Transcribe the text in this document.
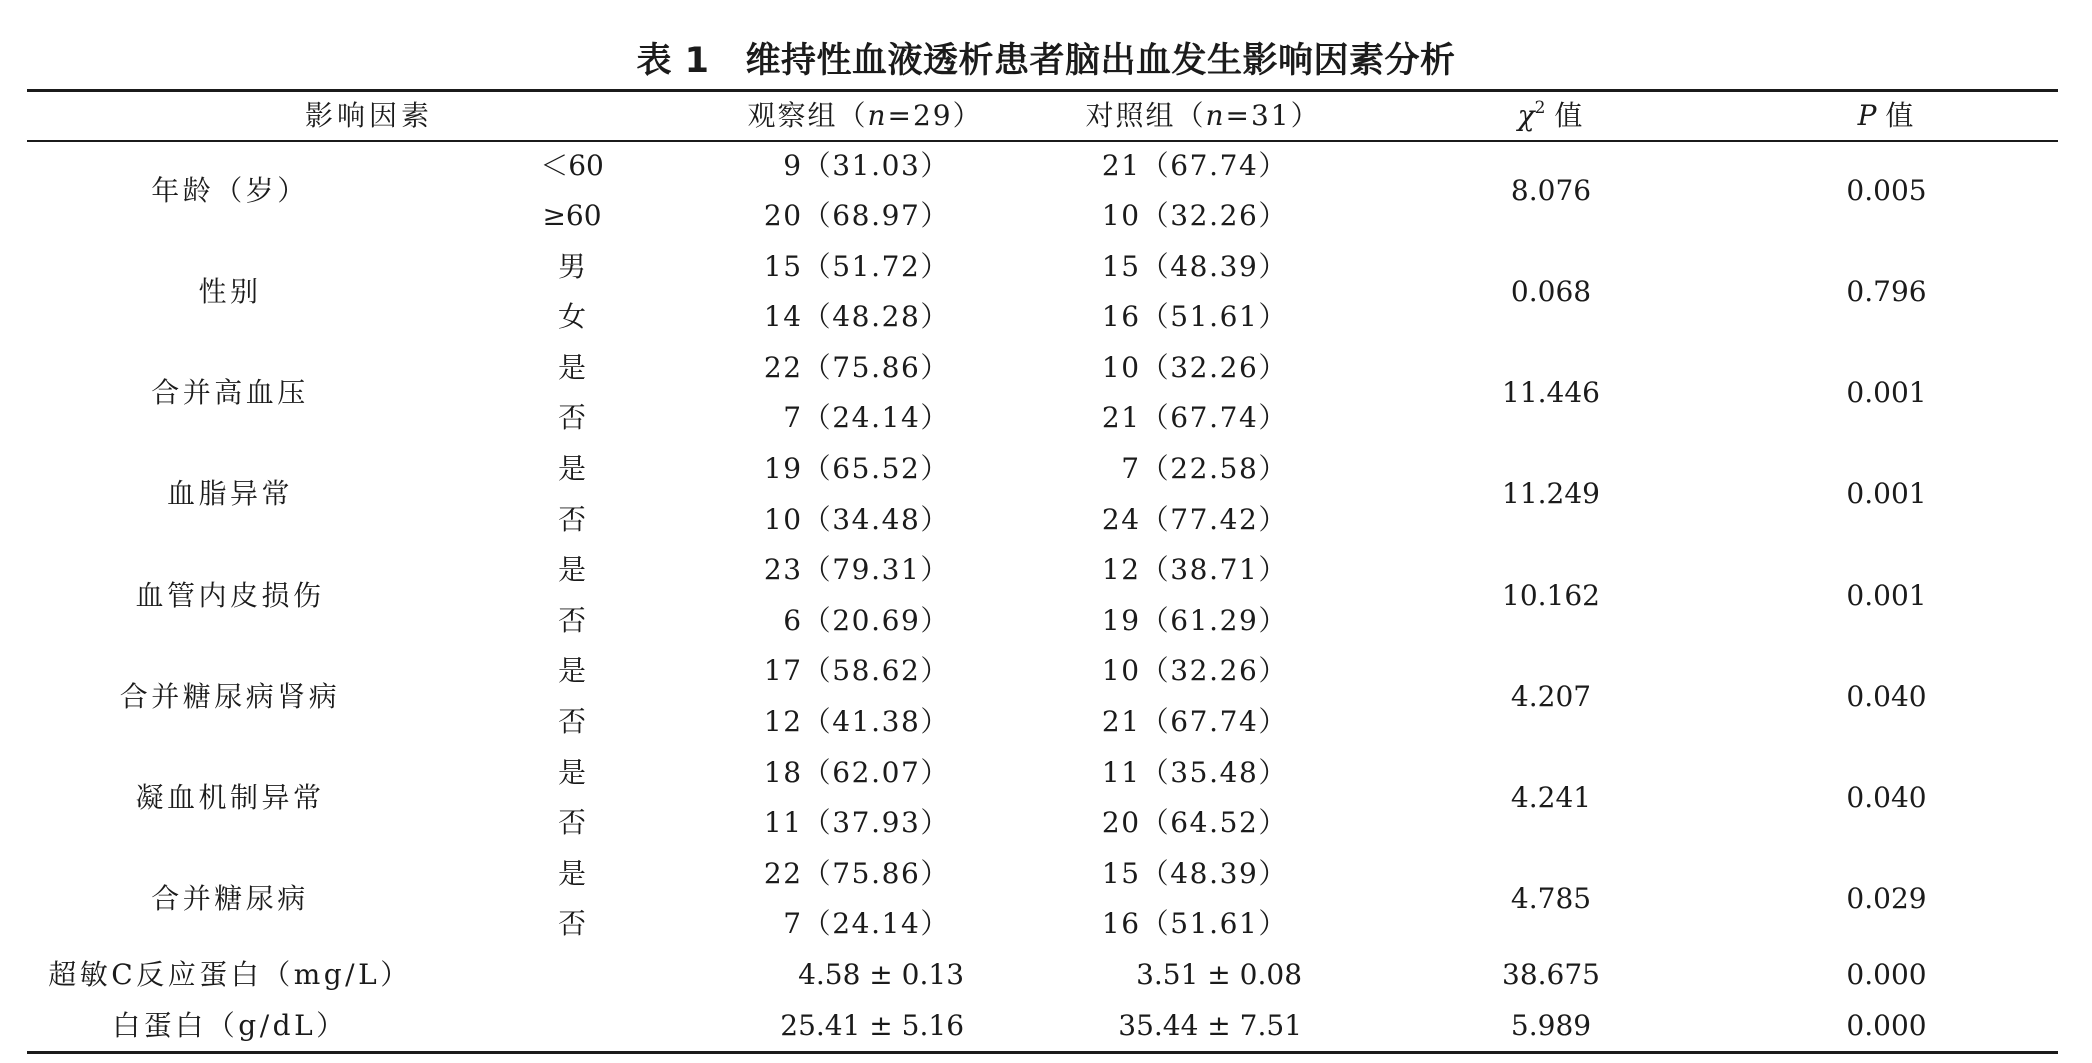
表 1 维持性血液透析患者脑出血发生影响因素分析
影响因素		观察组（n=29）	对照组（n=31）	$\chi^2$ 值	P 值
年龄（岁）	＜60	9（31.03）	21（67.74）	8.076	0.005
	≥60	20（68.97）	10（32.26）		
性别	男	15（51.72）	15（48.39）	0.068	0.796
	女	14（48.28）	16（51.61）		
合并高血压	是	22（75.86）	10（32.26）	11.446	0.001
	否	7（24.14）	21（67.74）		
血脂异常	是	19（65.52）	7（22.58）	11.249	0.001
	否	10（34.48）	24（77.42）		
血管内皮损伤	是	23（79.31）	12（38.71）	10.162	0.001
	否	6（20.69）	19（61.29）		
合并糖尿病肾病	是	17（58.62）	10（32.26）	4.207	0.040
	否	12（41.38）	21（67.74）		
凝血机制异常	是	18（62.07）	11（35.48）	4.241	0.040
	否	11（37.93）	20（64.52）		
合并糖尿病	是	22（75.86）	15（48.39）	4.785	0.029
	否	7（24.14）	16（51.61）		
超敏C反应蛋白（mg/L）		4.58 ± 0.13	3.51 ± 0.08	38.675	0.000
白蛋白（g/dL）		25.41 ± 5.16	35.44 ± 7.51	5.989	0.000
